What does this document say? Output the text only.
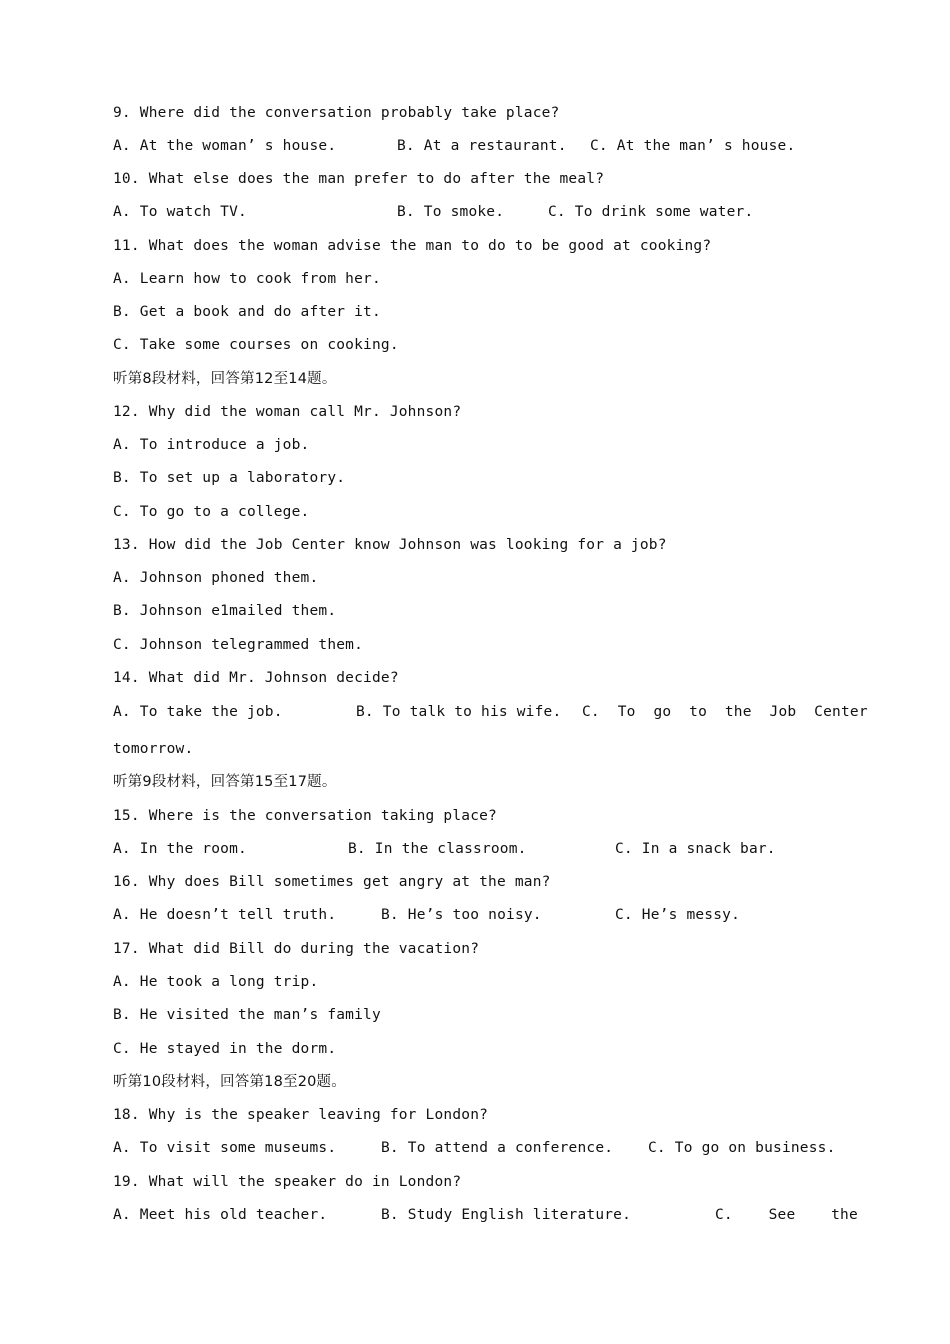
9. Where did the conversation probably take place?
A. At the woman’ s house.	B. At a restaurant. C. At the man’ s house.
10. What else does the man prefer to do after the meal?
A. To watch TV.	B. To smoke.	C. To drink some water.
11. What does the woman advise the man to do to be good at cooking?
A. Learn how to cook from her.
B. Get a book and do after it.
C. Take some courses on cooking.
听第8段材料，回答第12至14题。
12. Why did the woman call Mr. Johnson?
A. To introduce a job.
B. To set up a laboratory.
C. To go to a college.
13. How did the Job Center know Johnson was looking for a job?
A. Johnson phoned them.
B. Johnson e1mailed them.
C. Johnson telegrammed them.
14. What did Mr. Johnson decide?
A. To take the job.	B. To talk to his wife. C.  To  go  to  the  Job  Center
tomorrow.
听第9段材料，回答第15至17题。
15. Where is the conversation taking place?
A. In the room.	B. In the classroom.	C. In a snack bar.
16. Why does Bill sometimes get angry at the man?
A. He doesn’t tell truth.	B. He’s too noisy.	C. He’s messy.
17. What did Bill do during the vacation?
A. He took a long trip.
B. He visited the man’s family
C. He stayed in the dorm.
听第10段材料，回答第18至20题。
18. Why is the speaker leaving for London?
A. To visit some museums.	B. To attend a conference. C. To go on business.
19. What will the speaker do in London?
A. Meet his old teacher.	B. Study English literature.	C.    See    the
